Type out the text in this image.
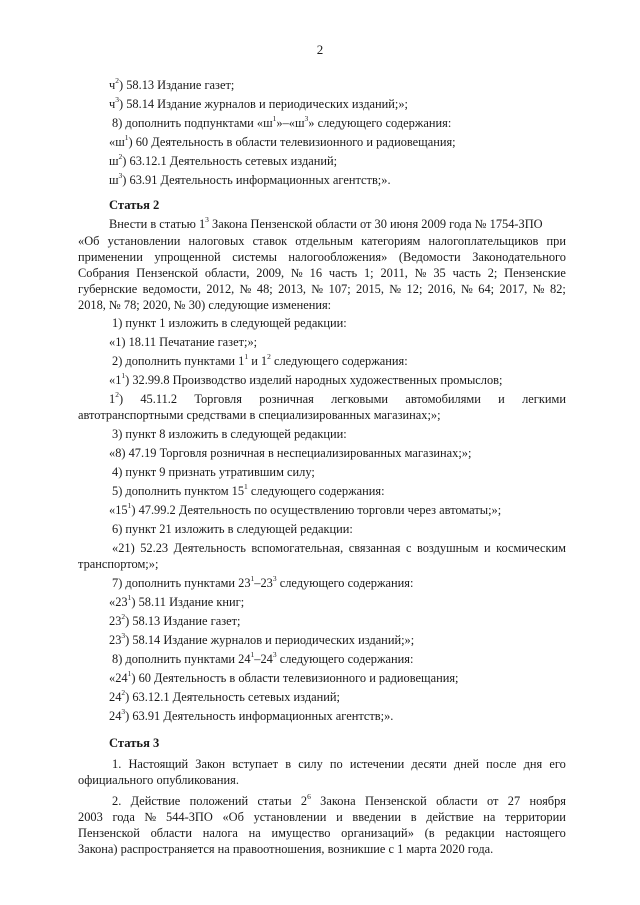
2
$ч^2$) 58.13 Издание газет;
$ч^3$) 58.14 Издание журналов и периодических изданий;»;
8) дополнить подпунктами «$ш^1»-«ш^3$» следующего содержания:
«$ш^1$) 60 Деятельность в области телевизионного и радиовещания;
$ш^2$) 63.12.1 Деятельность сетевых изданий;
$ш^3$) 63.91 Деятельность информационных агентств;».
Статья 2
Внести в статью $1^3$ Закона Пензенской области от 30 июня 2009 года № 1754-ЗПО
«Об установлении налоговых ставок отдельным категориям налогоплательщиков при
применении упрощенной системы налогообложения» (Ведомости Законодательного
Собрания Пензенской области, 2009, № 16 часть 1; 2011, № 35 часть 2; Пензенские
губернские ведомости, 2012, № 48; 2013, № 107; 2015, № 12; 2016, № 64; 2017, № 82;
2018, № 78; 2020, № 30) следующие изменения:
1) пункт 1 изложить в следующей редакции:
«1) 18.11 Печатание газет;»;
2) дополнить пунктами $1^1$ и $1^2$ следующего содержания:
«$1^1$) 32.99.8 Производство изделий народных художественных промыслов;
$1^2$) 45.11.2 Торговля розничная легковыми автомобилями и легкими
автотранспортными средствами в специализированных магазинах;»;
3) пункт 8 изложить в следующей редакции:
«8) 47.19 Торговля розничная в неспециализированных магазинах;»;
4) пункт 9 признать утратившим силу;
5) дополнить пунктом $15^1$ следующего содержания:
«$15^1$) 47.99.2 Деятельность по осуществлению торговли через автоматы;»;
6) пункт 21 изложить в следующей редакции:
«21) 52.23 Деятельность вспомогательная, связанная с воздушным и космическим
транспортом;»;
7) дополнить пунктами $23^1-23^3$ следующего содержания:
«$23^1$) 58.11 Издание книг;
$23^2$) 58.13 Издание газет;
$23^3$) 58.14 Издание журналов и периодических изданий;»;
8) дополнить пунктами $24^1-24^3$ следующего содержания:
«$24^1$) 60 Деятельность в области телевизионного и радиовещания;
$24^2$) 63.12.1 Деятельность сетевых изданий;
$24^3$) 63.91 Деятельность информационных агентств;».
Статья 3
1. Настоящий Закон вступает в силу по истечении десяти дней после дня его
официального опубликования.
2. Действие положений статьи $2^6$ Закона Пензенской области от 27 ноября
2003 года № 544-ЗПО «Об установлении и введении в действие на территории
Пензенской области налога на имущество организаций» (в редакции настоящего
Закона) распространяется на правоотношения, возникшие с 1 марта 2020 года.
